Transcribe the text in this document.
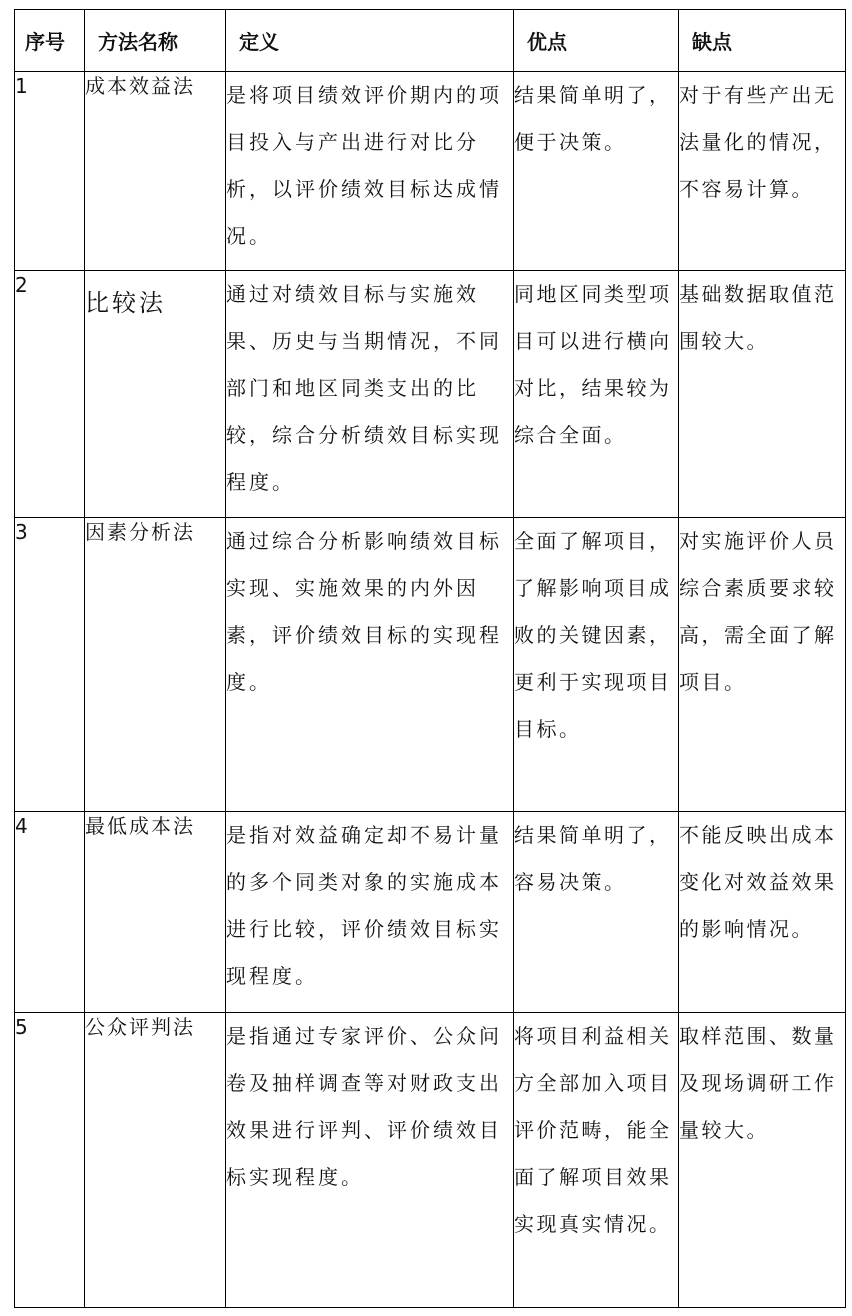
序号	方法名称	定义	优点	缺点
1	成本效益法	是将项目绩效评价期内的项目投入与产出进行对比分析，以评价绩效目标达成情况。	结果简单明了，便于决策。	对于有些产出无法量化的情况，不容易计算。
2	比较法	通过对绩效目标与实施效果、历史与当期情况，不同部门和地区同类支出的比较，综合分析绩效目标实现程度。	同地区同类型项目可以进行横向对比，结果较为综合全面。	基础数据取值范围较大。
3	因素分析法	通过综合分析影响绩效目标实现、实施效果的内外因素，评价绩效目标的实现程度。	全面了解项目，了解影响项目成败的关键因素，更利于实现项目目标。	对实施评价人员综合素质要求较高，需全面了解项目。
4	最低成本法	是指对效益确定却不易计量的多个同类对象的实施成本进行比较，评价绩效目标实现程度。	结果简单明了，容易决策。	不能反映出成本变化对效益效果的影响情况。
5	公众评判法	是指通过专家评价、公众问卷及抽样调查等对财政支出效果进行评判、评价绩效目标实现程度。	将项目利益相关方全部加入项目评价范畴，能全面了解项目效果实现真实情况。	取样范围、数量及现场调研工作量较大。
